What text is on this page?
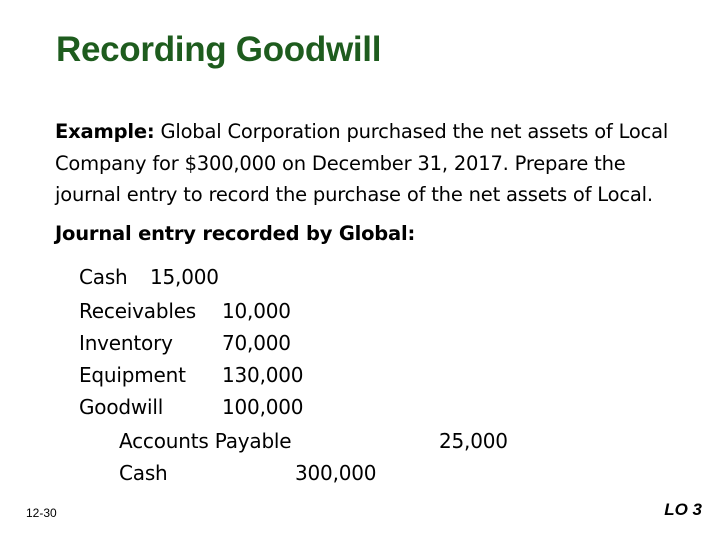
Recording Goodwill
Example: Global Corporation purchased the net assets of Local Company for $300,000 on December 31, 2017. Prepare the journal entry to record the purchase of the net assets of Local.
Journal entry recorded by Global:
Cash 15,000
Receivables 10,000
Inventory 70,000
Equipment 130,000
Goodwill	100,000
Accounts Payable	25,000
Cash	300,000
12-30	LO 3
